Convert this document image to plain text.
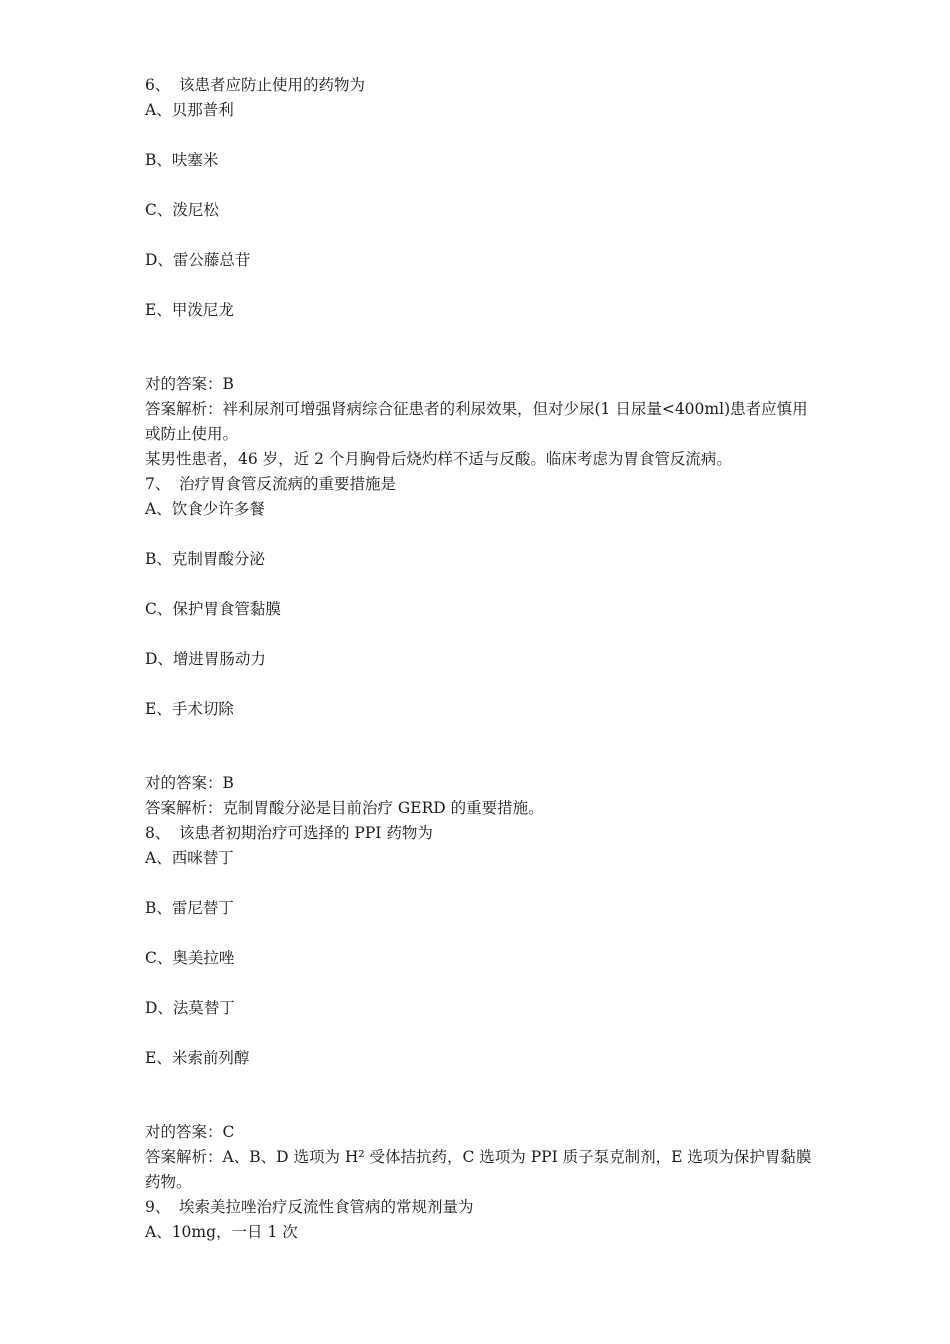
6、 该患者应防止使用的药物为
A、贝那普利
B、呋塞米
C、泼尼松
D、雷公藤总苷
E、甲泼尼龙
对的答案：B
答案解析：袢利尿剂可增强肾病综合征患者的利尿效果，但对少尿(1 日尿量<400ml)患者应慎用或防止使用。
某男性患者，46 岁，近 2 个月胸骨后烧灼样不适与反酸。临床考虑为胃食管反流病。
7、 治疗胃食管反流病的重要措施是
A、饮食少许多餐
B、克制胃酸分泌
C、保护胃食管黏膜
D、增进胃肠动力
E、手术切除
对的答案：B
答案解析：克制胃酸分泌是目前治疗 GERD 的重要措施。
8、 该患者初期治疗可选择的 PPI 药物为
A、西咪替丁
B、雷尼替丁
C、奥美拉唑
D、法莫替丁
E、米索前列醇
对的答案：C
答案解析：A、B、D 选项为 H² 受体拮抗药，C 选项为 PPI 质子泵克制剂，E 选项为保护胃黏膜药物。
9、 埃索美拉唑治疗反流性食管病的常规剂量为
A、10mg，一日 1 次
